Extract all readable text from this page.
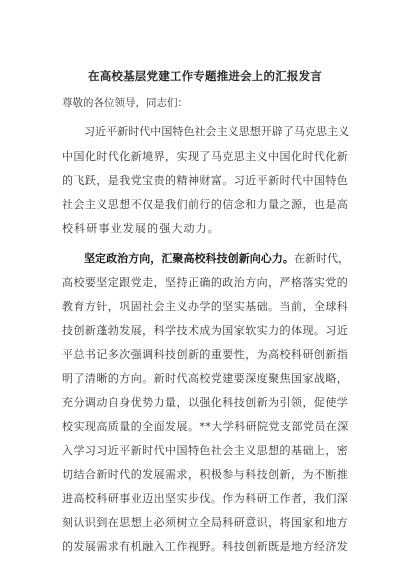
在高校基层党建工作专题推进会上的汇报发言
尊敬的各位领导，同志们：
习近平新时代中国特色社会主义思想开辟了马克思主义
中国化时代化新境界，实现了马克思主义中国化时代化新
的飞跃，是我党宝贵的精神财富。习近平新时代中国特色
社会主义思想不仅是我们前行的信念和力量之源，也是高
校科研事业发展的强大动力。
坚定政治方向，汇聚高校科技创新向心力。在新时代，
高校要坚定跟党走，坚持正确的政治方向，严格落实党的
教育方针，巩固社会主义办学的坚实基础。当前，全球科
技创新蓬勃发展，科学技术成为国家软实力的体现。习近
平总书记多次强调科技创新的重要性，为高校科研创新指
明了清晰的方向。新时代高校党建要深度聚焦国家战略，
充分调动自身优势力量，以强化科技创新为引领，促使学
校实现高质量的全面发展。**大学科研院党支部党员在深
入学习习近平新时代中国特色社会主义思想的基础上，密
切结合新时代的发展需求，积极参与科技创新，为不断推
进高校科研事业迈出坚实步伐。作为科研工作者，我们深
刻认识到在思想上必须树立全局科研意识，将国家和地方
的发展需求有机融入工作视野。科技创新既是地方经济发
